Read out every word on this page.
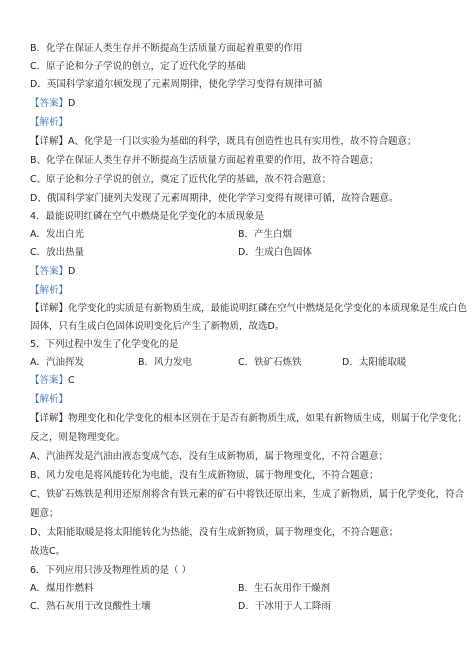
B．化学在保证人类生存并不断提高生活质量方面起着重要的作用
C．原子论和分子学说的创立，定了近代化学的基础
D．英国科学家道尔顿发现了元素周期律，使化学学习变得有规律可循
【答案】D
【解析】
【详解】A、化学是一门以实验为基础的科学，既具有创造性也具有实用性，故不符合题意；
B、化学在保证人类生存并不断提高生活质量方面起着重要的作用，故不符合题意；
C、原子论和分子学说的创立，奠定了近代化学的基础，故不符合题意；
D、俄国科学家门捷列夫发现了元素周期律，使化学学习变得有规律可循，故符合题意。
4．最能说明红磷在空气中燃烧是化学变化的本质现象是
A．发出白光	B．产生白烟
C．放出热量	D．生成白色固体
【答案】D
【解析】
【详解】化学变化的实质是有新物质生成，最能说明红磷在空气中燃烧是化学变化的本质现象是生成白色
固体，只有生成白色固体说明变化后产生了新物质，故选D。
5．下列过程中发生了化学变化的是
A．汽油挥发	B．风力发电	C．铁矿石炼铁	D．太阳能取暖
【答案】C
【解析】
【详解】物理变化和化学变化的根本区别在于是否有新物质生成，如果有新物质生成，则属于化学变化；
反之，则是物理变化。
A、汽油挥发是汽油由液态变成气态，没有生成新物质，属于物理变化，不符合题意；
B、风力发电是将风能转化为电能，没有生成新物质，属于物理变化，不符合题意；
C、铁矿石炼铁是利用还原剂将含有铁元素的矿石中将铁还原出来，生成了新物质，属于化学变化，符合
题意；
D、太阳能取暖是将太阳能转化为热能，没有生成新物质，属于物理变化，不符合题意；
故选C。
6．下列应用只涉及物理性质的是（ ）
A．煤用作燃料	B．生石灰用作干燥剂
C．熟石灰用于改良酸性土壤	D．干冰用于人工降雨
